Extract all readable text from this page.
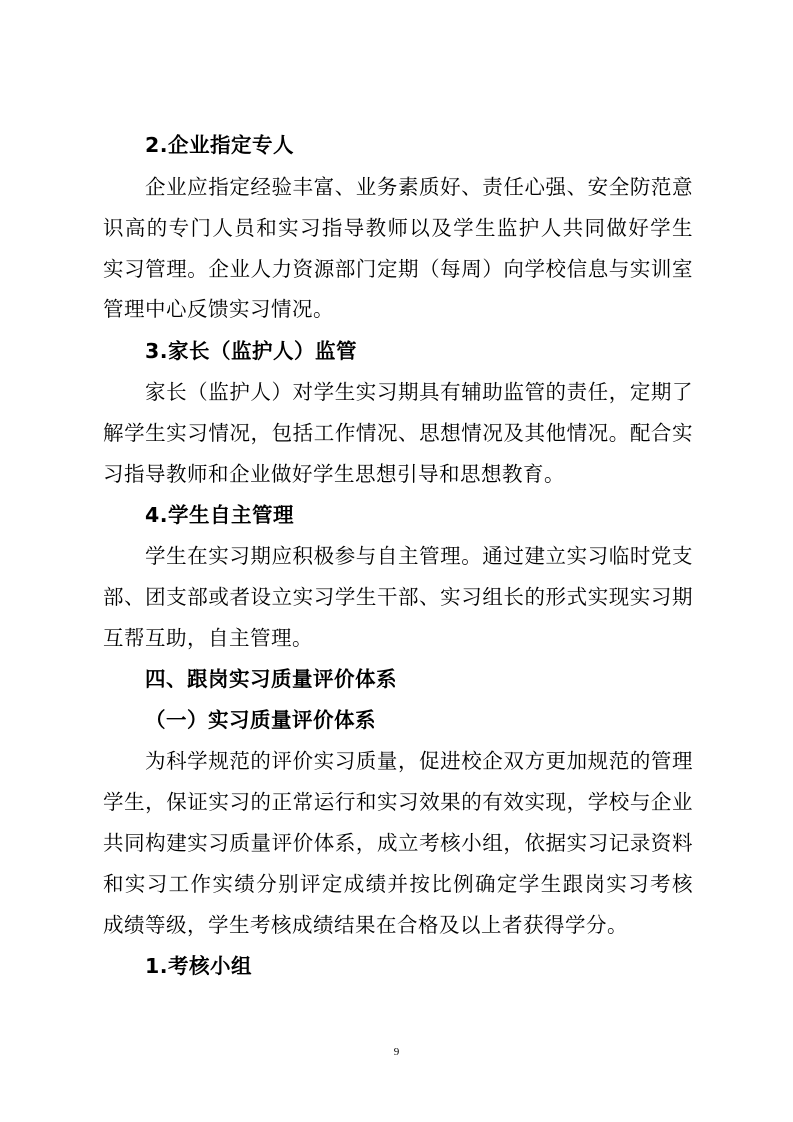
2.企业指定专人
企业应指定经验丰富、业务素质好、责任心强、安全防范意
识高的专门人员和实习指导教师以及学生监护人共同做好学生
实习管理。企业人力资源部门定期（每周）向学校信息与实训室
管理中心反馈实习情况。
3.家长（监护人）监管
家长（监护人）对学生实习期具有辅助监管的责任，定期了
解学生实习情况，包括工作情况、思想情况及其他情况。配合实
习指导教师和企业做好学生思想引导和思想教育。
4.学生自主管理
学生在实习期应积极参与自主管理。通过建立实习临时党支
部、团支部或者设立实习学生干部、实习组长的形式实现实习期
互帮互助，自主管理。
四、跟岗实习质量评价体系
（一）实习质量评价体系
为科学规范的评价实习质量，促进校企双方更加规范的管理
学生，保证实习的正常运行和实习效果的有效实现，学校与企业
共同构建实习质量评价体系，成立考核小组，依据实习记录资料
和实习工作实绩分别评定成绩并按比例确定学生跟岗实习考核
成绩等级，学生考核成绩结果在合格及以上者获得学分。
1.考核小组
9
